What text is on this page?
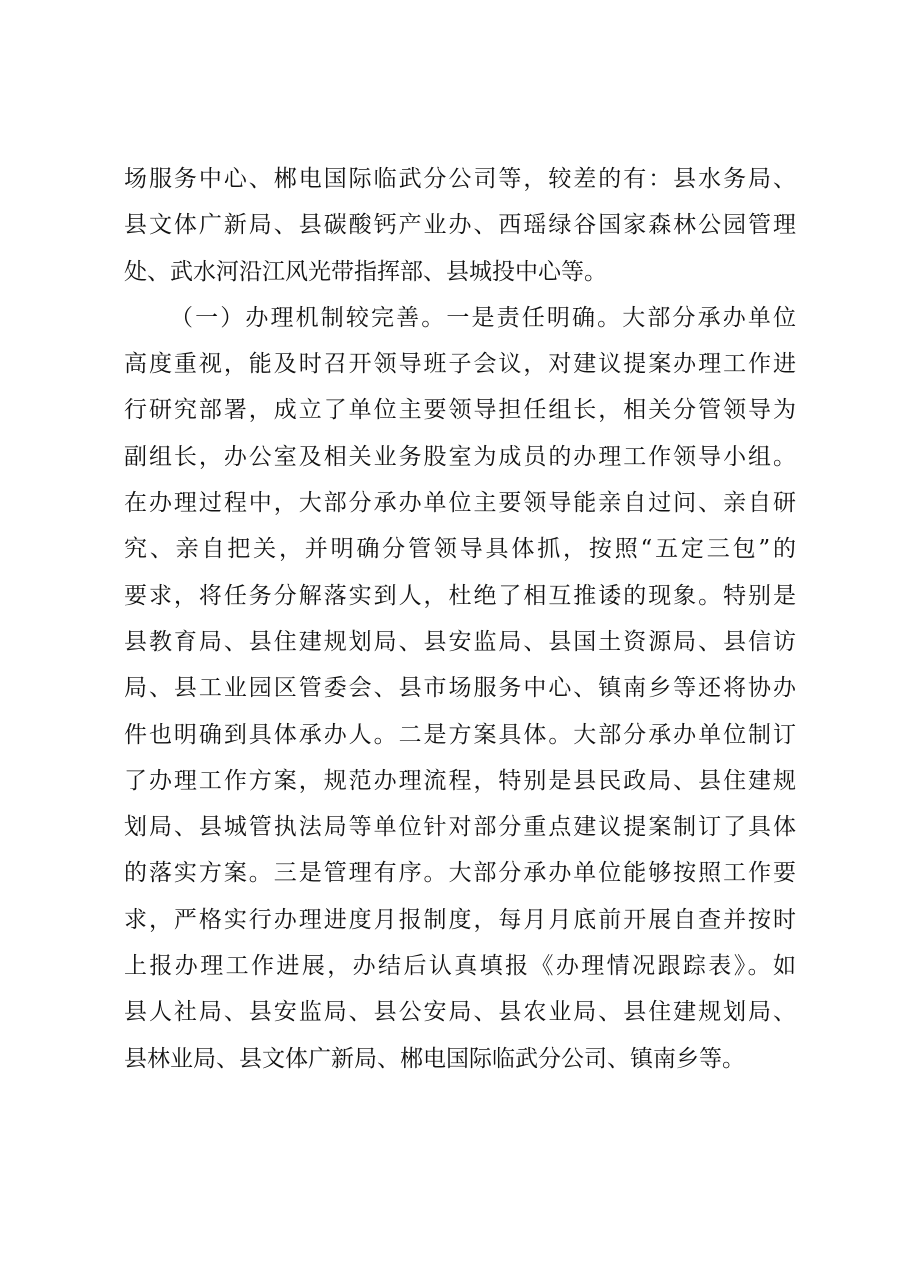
场服务中心、郴电国际临武分公司等，较差的有：县水务局、
县文体广新局、县碳酸钙产业办、西瑶绿谷国家森林公园管理
处、武水河沿江风光带指挥部、县城投中心等。
（一）办理机制较完善。一是责任明确。大部分承办单位
高度重视，能及时召开领导班子会议，对建议提案办理工作进
行研究部署，成立了单位主要领导担任组长，相关分管领导为
副组长，办公室及相关业务股室为成员的办理工作领导小组。
在办理过程中，大部分承办单位主要领导能亲自过问、亲自研
究、亲自把关，并明确分管领导具体抓，按照“五定三包”的
要求，将任务分解落实到人，杜绝了相互推诿的现象。特别是
县教育局、县住建规划局、县安监局、县国土资源局、县信访
局、县工业园区管委会、县市场服务中心、镇南乡等还将协办
件也明确到具体承办人。二是方案具体。大部分承办单位制订
了办理工作方案，规范办理流程，特别是县民政局、县住建规
划局、县城管执法局等单位针对部分重点建议提案制订了具体
的落实方案。三是管理有序。大部分承办单位能够按照工作要
求，严格实行办理进度月报制度，每月月底前开展自查并按时
上报办理工作进展，办结后认真填报《办理情况跟踪表》。如
县人社局、县安监局、县公安局、县农业局、县住建规划局、
县林业局、县文体广新局、郴电国际临武分公司、镇南乡等。
